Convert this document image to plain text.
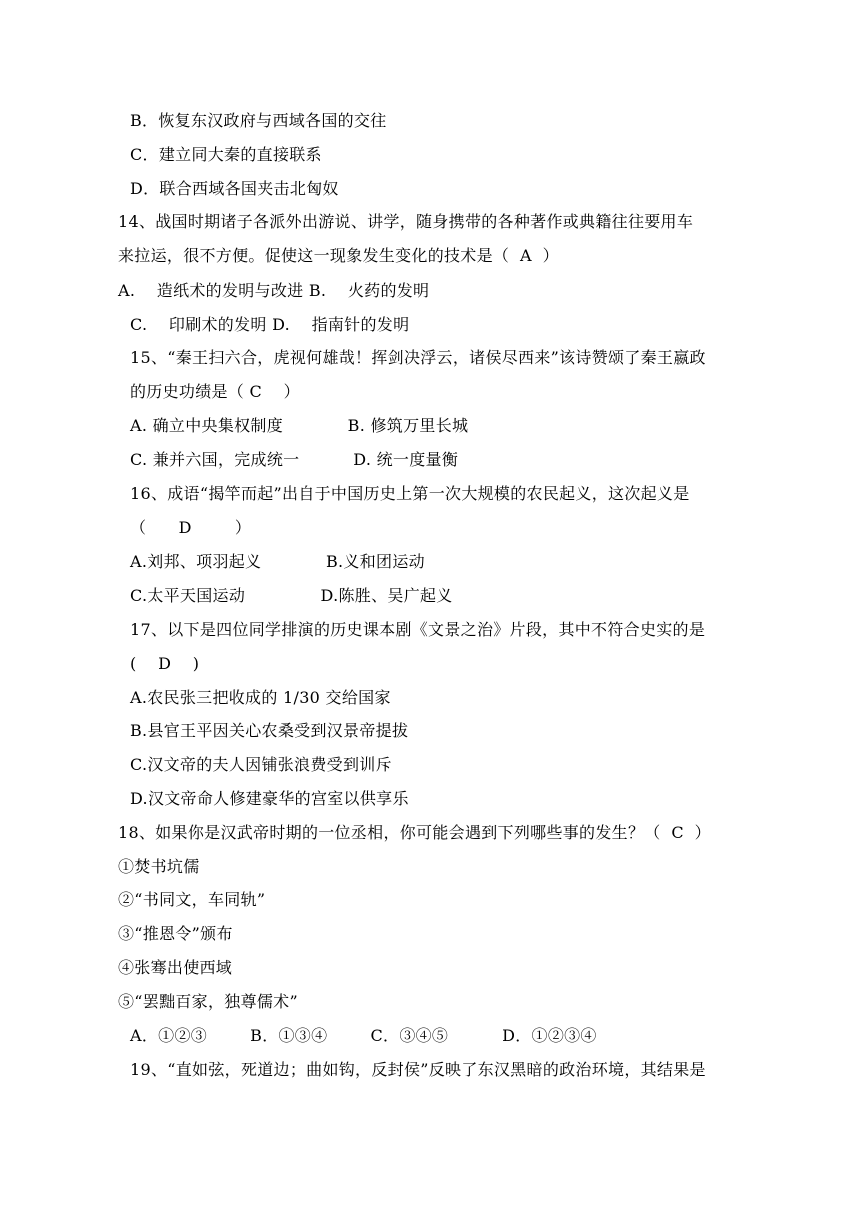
B．恢复东汉政府与西域各国的交往
C．建立同大秦的直接联系
D．联合西域各国夹击北匈奴
14、战国时期诸子各派外出游说、讲学，随身携带的各种著作或典籍往往要用车
来拉运，很不方便。促使这一现象发生变化的技术是（  A  ）
A.    造纸术的发明与改进 B.    火药的发明
C.    印刷术的发明 D.    指南针的发明
15、“秦王扫六合，虎视何雄哉！挥剑决浮云，诸侯尽西来”该诗赞颂了秦王嬴政
的历史功绩是（ C    ）
A. 确立中央集权制度            B. 修筑万里长城
C. 兼并六国，完成统一          D. 统一度量衡
16、成语“揭竿而起”出自于中国历史上第一次大规模的农民起义，这次起义是
（      D        ）
A.刘邦、项羽起义            B.义和团运动
C.太平天国运动              D.陈胜、吴广起义
17、以下是四位同学排演的历史课本剧《文景之治》片段，其中不符合史实的是
(    D    )
A.农民张三把收成的 1/30 交给国家
B.县官王平因关心农桑受到汉景帝提拔
C.汉文帝的夫人因铺张浪费受到训斥
D.汉文帝命人修建豪华的宫室以供享乐
18、如果你是汉武帝时期的一位丞相，你可能会遇到下列哪些事的发生？（  C  ）
①焚书坑儒
②“书同文，车同轨”
③“推恩令”颁布
④张骞出使西域
⑤“罢黜百家，独尊儒术”
A．①②③        B．①③④        C．③④⑤          D．①②③④
19、“直如弦，死道边；曲如钩，反封侯”反映了东汉黑暗的政治环境，其结果是
